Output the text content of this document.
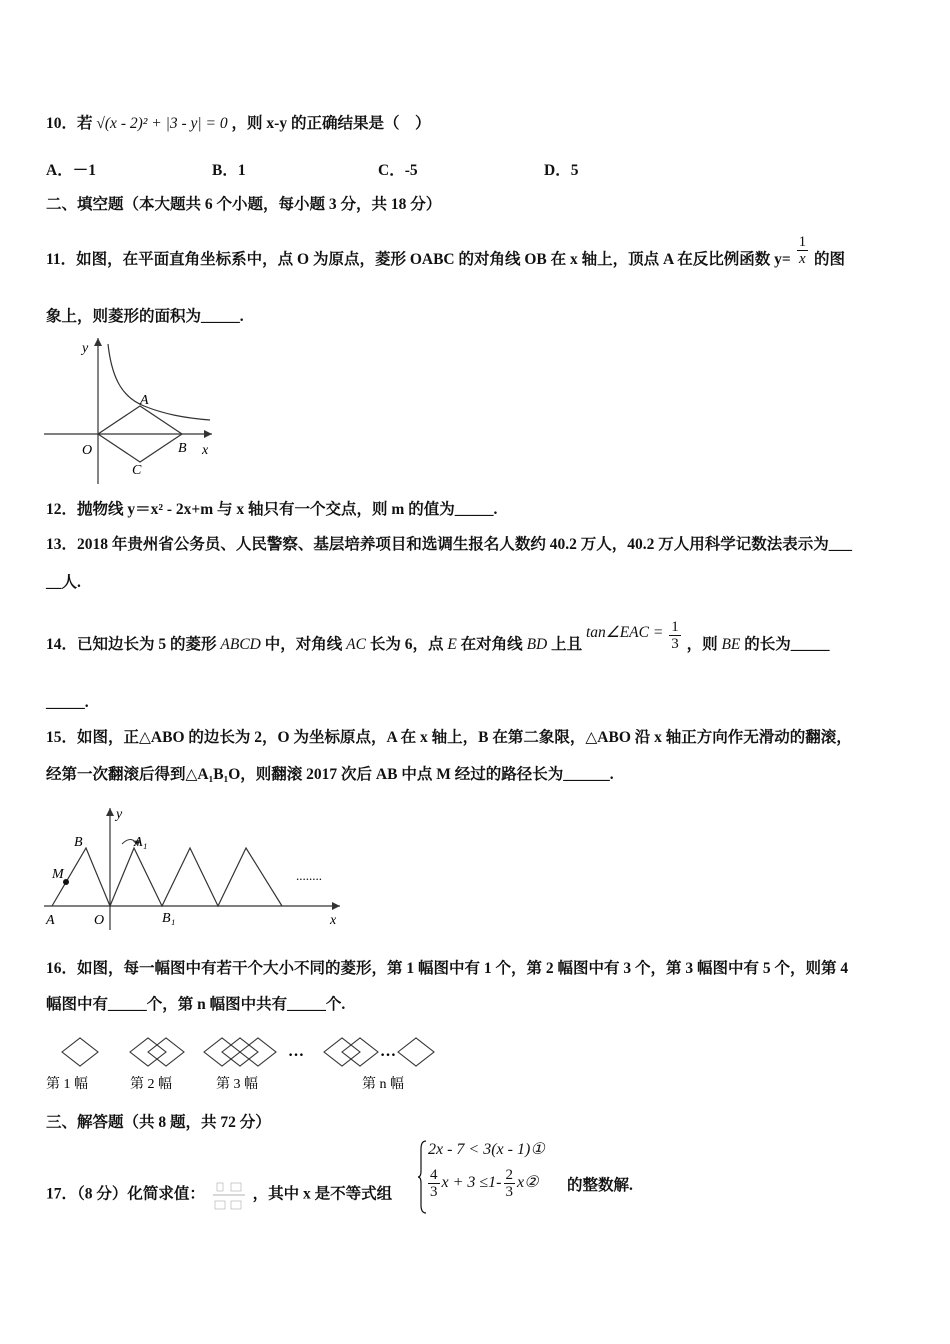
10．若 √(x - 2)² + |3 - y| = 0 ，则 x-y 的正确结果是（　）
A．－1	B．1	C．-5	D．5
二、填空题（本大题共 6 个小题，每小题 3 分，共 18 分）
11．如图，在平面直角坐标系中，点 O 为原点，菱形 OABC 的对角线 OB 在 x 轴上，顶点 A 在反比例函数 $y= \frac{1}{x}$ 的图
象上，则菱形的面积为_____.
y
x
O
A
B
C
12．抛物线 y＝x² - 2x+m 与 x 轴只有一个交点，则 m 的值为_____.
13．2018 年贵州省公务员、人民警察、基层培养项目和选调生报名人数约 40.2 万人，40.2 万人用科学记数法表示为___
__人.
14．已知边长为 5 的菱形 ABCD 中，对角线 AC 长为 6，点 E 在对角线 BD 上且 tan∠EAC = $\frac{1}{3}$ ，则 BE 的长为_____
_____.
15．如图，正△ABO 的边长为 2，O 为坐标原点，A 在 x 轴上，B 在第二象限，△ABO 沿 x 轴正方向作无滑动的翻滚，
经第一次翻滚后得到△A₁B₁O，则翻滚 2017 次后 AB 中点 M 经过的路径长为______.
........
y
x
O
A
B
M
A₁
B₁
16．如图，每一幅图中有若干个大小不同的菱形，第 1 幅图中有 1 个，第 2 幅图中有 3 个，第 3 幅图中有 5 个，则第 4
幅图中有_____个，第 n 幅图中共有_____个.
…	…
第 1 幅	第 2 幅	第 3 幅	第 n 幅
三、解答题（共 8 题，共 72 分）
17．（8 分）化简求值：	，其中 x 是不等式组
2x - 7 < 3(x - 1)①
$\frac{4}{3}$ $x + 3 \le 1- \frac{2}{3}$ x② 的整数解.
